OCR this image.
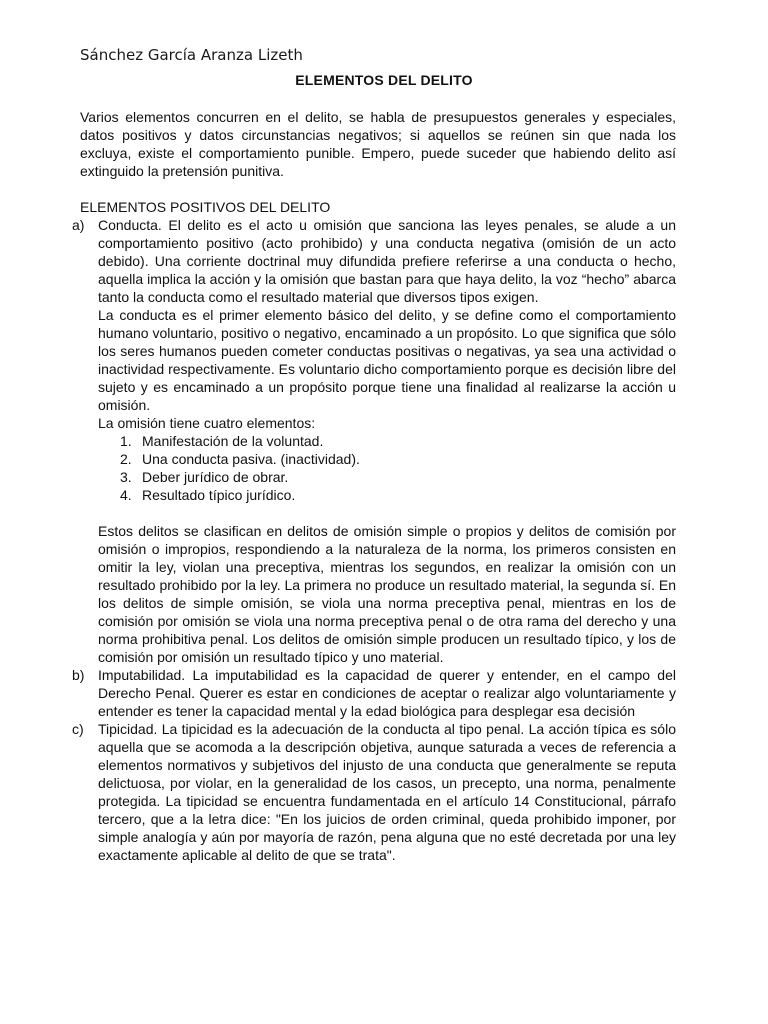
Sánchez García Aranza Lizeth
ELEMENTOS DEL DELITO

Varios elementos concurren en el delito, se habla de presupuestos generales y especiales, datos positivos y datos circunstancias negativos; si aquellos se reúnen sin que nada los excluya, existe el comportamiento punible. Empero, puede suceder que habiendo delito así extinguido la pretensión punitiva.

ELEMENTOS POSITIVOS DEL DELITO

a) Conducta. El delito es el acto u omisión que sanciona las leyes penales, se alude a un comportamiento positivo (acto prohibido) y una conducta negativa (omisión de un acto debido). Una corriente doctrinal muy difundida prefiere referirse a una conducta o hecho, aquella implica la acción y la omisión que bastan para que haya delito, la voz “hecho” abarca tanto la conducta como el resultado material que diversos tipos exigen.

La conducta es el primer elemento básico del delito, y se define como el comportamiento humano voluntario, positivo o negativo, encaminado a un propósito. Lo que significa que sólo los seres humanos pueden cometer conductas positivas o negativas, ya sea una actividad o inactividad respectivamente. Es voluntario dicho comportamiento porque es decisión libre del sujeto y es encaminado a un propósito porque tiene una finalidad al realizarse la acción u omisión.

La omisión tiene cuatro elementos:

1. Manifestación de la voluntad.
2. Una conducta pasiva. (inactividad).
3. Deber jurídico de obrar.
4. Resultado típico jurídico.

Estos delitos se clasifican en delitos de omisión simple o propios y delitos de comisión por omisión o impropios, respondiendo a la naturaleza de la norma, los primeros consisten en omitir la ley, violan una preceptiva, mientras los segundos, en realizar la omisión con un resultado prohibido por la ley. La primera no produce un resultado material, la segunda sí. En los delitos de simple omisión, se viola una norma preceptiva penal, mientras en los de comisión por omisión se viola una norma preceptiva penal o de otra rama del derecho y una norma prohibitiva penal. Los delitos de omisión simple producen un resultado típico, y los de comisión por omisión un resultado típico y uno material.

b) Imputabilidad. La imputabilidad es la capacidad de querer y entender, en el campo del Derecho Penal. Querer es estar en condiciones de aceptar o realizar algo voluntariamente y entender es tener la capacidad mental y la edad biológica para desplegar esa decisión

c) Tipicidad. La tipicidad es la adecuación de la conducta al tipo penal. La acción típica es sólo aquella que se acomoda a la descripción objetiva, aunque saturada a veces de referencia a elementos normativos y subjetivos del injusto de una conducta que generalmente se reputa delictuosa, por violar, en la generalidad de los casos, un precepto, una norma, penalmente protegida. La tipicidad se encuentra fundamentada en el artículo 14 Constitucional, párrafo tercero, que a la letra dice: "En los juicios de orden criminal, queda prohibido imponer, por simple analogía y aún por mayoría de razón, pena alguna que no esté decretada por una ley exactamente aplicable al delito de que se trata".
